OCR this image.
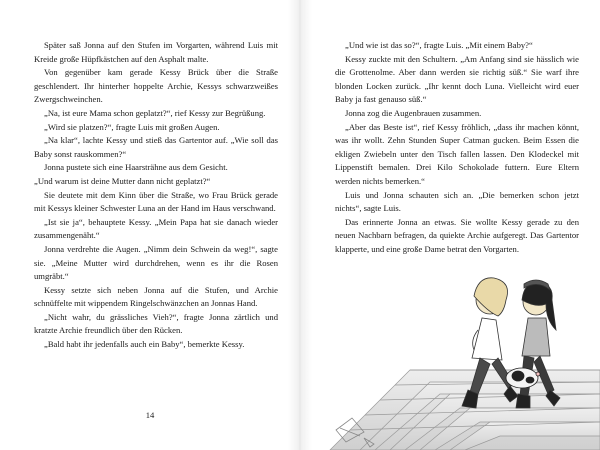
Später saß Jonna auf den Stufen im Vorgarten, während Luis mit Kreide große Hüpfkästchen auf den Asphalt malte.

Von gegenüber kam gerade Kessy Brück über die Straße geschlendert. Ihr hinterher hoppelte Archie, Kessys schwarzweißes Zwergschweinchen.

„Na, ist eure Mama schon geplatzt?“, rief Kessy zur Begrüßung.

„Wird sie platzen?“, fragte Luis mit großen Augen.

„Na klar“, lachte Kessy und stieß das Gartentor auf. „Wie soll das Baby sonst rauskommen?“

Jonna pustete sich eine Haarsträhne aus dem Gesicht.

„Und warum ist deine Mutter dann nicht geplatzt?“

Sie deutete mit dem Kinn über die Straße, wo Frau Brück gerade mit Kessys kleiner Schwester Luna an der Hand im Haus verschwand.

„Ist sie ja“, behauptete Kessy. „Mein Papa hat sie danach wieder zusammengenäht.“

Jonna verdrehte die Augen. „Nimm dein Schwein da weg!“, sagte sie. „Meine Mutter wird durchdrehen, wenn es ihr die Rosen umgräbt.“

Kessy setzte sich neben Jonna auf die Stufen, und Archie schnüffelte mit wippendem Ringelschwänzchen an Jonnas Hand.

„Nicht wahr, du grässliches Vieh?“, fragte Jonna zärtlich und kratzte Archie freundlich über den Rücken.

„Bald habt ihr jedenfalls auch ein Baby“, bemerkte Kessy.

14

„Und wie ist das so?“, fragte Luis. „Mit einem Baby?“

Kessy zuckte mit den Schultern. „Am Anfang sind sie hässlich wie die Grottenolme. Aber dann werden sie richtig süß.“ Sie warf ihre blonden Locken zurück. „Ihr kennt doch Luna. Vielleicht wird euer Baby ja fast genauso süß.“

Jonna zog die Augenbrauen zusammen.

„Aber das Beste ist“, rief Kessy fröhlich, „dass ihr machen könnt, was ihr wollt. Zehn Stunden Super Catman gucken. Beim Essen die ekligen Zwiebeln unter den Tisch fallen lassen. Den Klodeckel mit Lippenstift bemalen. Drei Kilo Schokolade futtern. Eure Eltern werden nichts bemerken.“

Luis und Jonna schauten sich an. „Die bemerken schon jetzt nichts“, sagte Luis.

Das erinnerte Jonna an etwas. Sie wollte Kessy gerade zu den neuen Nachbarn befragen, da quiekte Archie aufgeregt. Das Gartentor klapperte, und eine große Dame betrat den Vorgarten.
